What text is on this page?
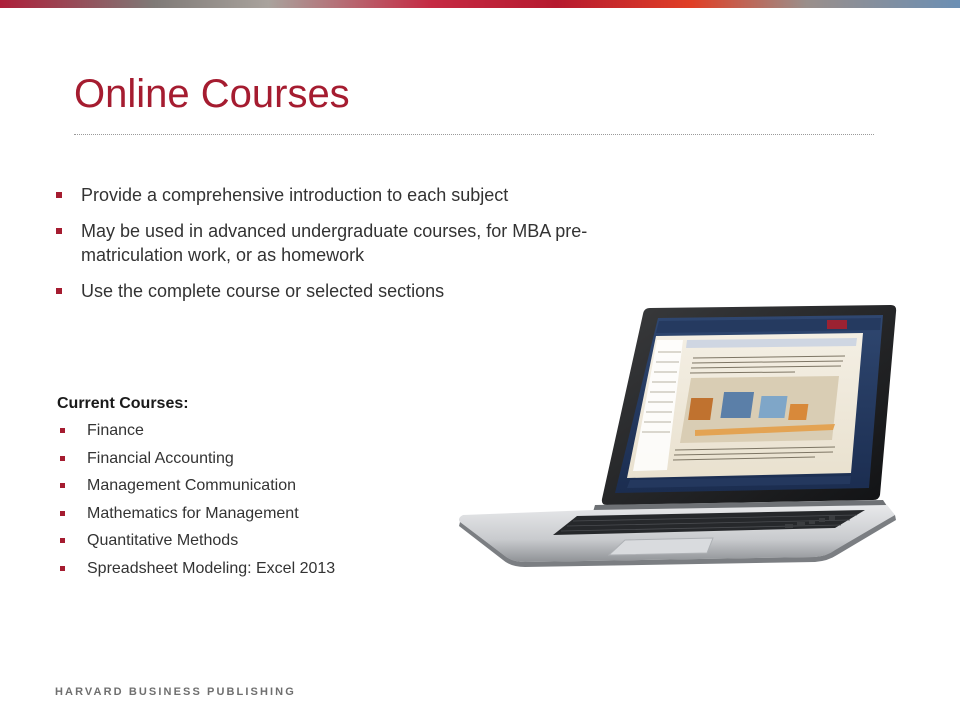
Online Courses
Provide a comprehensive introduction to each subject
May be used in advanced undergraduate courses, for MBA pre-matriculation work, or as homework
Use the complete course or selected sections
Current Courses:
Finance
Financial Accounting
Management Communication
Mathematics for Management
Quantitative Methods
Spreadsheet Modeling: Excel 2013
HARVARD BUSINESS PUBLISHING
